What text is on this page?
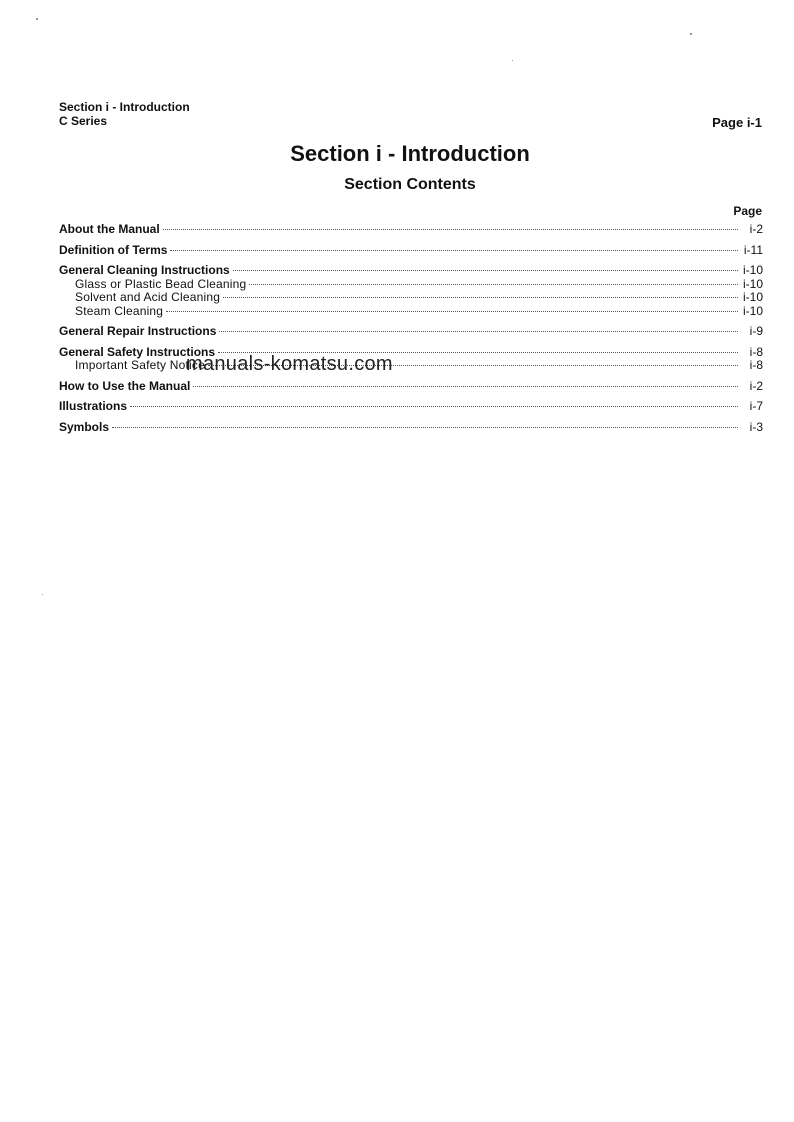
Section i - Introduction
C Series	Page i-1
Section i - Introduction
Section Contents
Page
About the Manual	i-2
Definition of Terms	i-11
General Cleaning Instructions	i-10
Glass or Plastic Bead Cleaning	i-10
Solvent and Acid Cleaning	i-10
Steam Cleaning	i-10
General Repair Instructions	i-9
General Safety Instructions	i-8
Important Safety Notice	i-8
How to Use the Manual	i-2
Illustrations	i-7
Symbols	i-3
manuals-komatsu.com
